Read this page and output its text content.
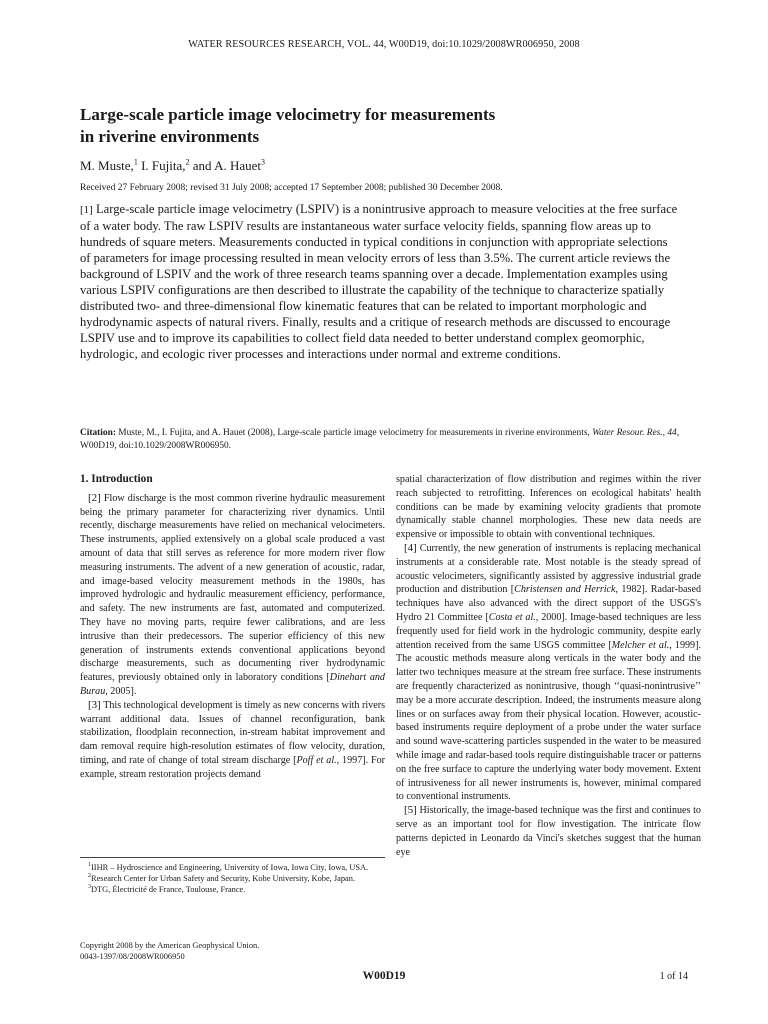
WATER RESOURCES RESEARCH, VOL. 44, W00D19, doi:10.1029/2008WR006950, 2008
Large-scale particle image velocimetry for measurements
in riverine environments
M. Muste,$^1$ I. Fujita,$^2$ and A. Hauet$^3$
Received 27 February 2008; revised 31 July 2008; accepted 17 September 2008; published 30 December 2008.
[1] Large-scale particle image velocimetry (LSPIV) is a nonintrusive approach to measure velocities at the free surface of a water body. The raw LSPIV results are instantaneous water surface velocity fields, spanning flow areas up to hundreds of square meters. Measurements conducted in typical conditions in conjunction with appropriate selections of parameters for image processing resulted in mean velocity errors of less than 3.5%. The current article reviews the background of LSPIV and the work of three research teams spanning over a decade. Implementation examples using various LSPIV configurations are then described to illustrate the capability of the technique to characterize spatially distributed two- and three-dimensional flow kinematic features that can be related to important morphologic and hydrodynamic aspects of natural rivers. Finally, results and a critique of research methods are discussed to encourage LSPIV use and to improve its capabilities to collect field data needed to better understand complex geomorphic, hydrologic, and ecologic river processes and interactions under normal and extreme conditions.
Citation: Muste, M., I. Fujita, and A. Hauet (2008), Large-scale particle image velocimetry for measurements in riverine environments, Water Resour. Res., 44, W00D19, doi:10.1029/2008WR006950.
1. Introduction

[2] Flow discharge is the most common riverine hydraulic measurement being the primary parameter for characterizing river dynamics. Until recently, discharge measurements have relied on mechanical velocimeters. These instruments, applied extensively on a global scale produced a vast amount of data that still serves as reference for more modern river flow measuring instruments. The advent of a new generation of acoustic, radar, and image-based velocity measurement methods in the 1980s, has improved hydrologic and hydraulic measurement efficiency, performance, and safety. The new instruments are fast, automated and computerized. They have no moving parts, require fewer calibrations, and are less intrusive than their predecessors. The superior efficiency of this new generation of instruments extends conventional applications beyond discharge measurements, such as documenting river hydrodynamic features, previously obtained only in laboratory conditions [Dinehart and Burau, 2005].

[3] This technological development is timely as new concerns with rivers warrant additional data. Issues of channel reconfiguration, bank stabilization, floodplain reconnection, in-stream habitat improvement and dam removal require high-resolution estimates of flow velocity, duration, timing, and rate of change of total stream discharge [Poff et al., 1997]. For example, stream restoration projects demand

$^1$IIHR – Hydroscience and Engineering, University of Iowa, Iowa City, Iowa, USA.
$^2$Research Center for Urban Safety and Security, Kobe University, Kobe, Japan.
$^3$DTG, Électricité de France, Toulouse, France.
Copyright 2008 by the American Geophysical Union.
0043-1397/08/2008WR006950

spatial characterization of flow distribution and regimes within the river reach subjected to retrofitting. Inferences on ecological habitats' health conditions can be made by examining velocity gradients that promote dynamically stable channel morphologies. These new data needs are expensive or impossible to obtain with conventional techniques.

[4] Currently, the new generation of instruments is replacing mechanical instruments at a considerable rate. Most notable is the steady spread of acoustic velocimeters, significantly assisted by aggressive industrial grade production and distribution [Christensen and Herrick, 1982]. Radar-based techniques have also advanced with the direct support of the USGS's Hydro 21 Committee [Costa et al., 2000]. Image-based techniques are less frequently used for field work in the hydrologic community, despite early attention received from the same USGS committee [Melcher et al., 1999]. The acoustic methods measure along verticals in the water body and the latter two techniques measure at the stream free surface. These instruments are frequently characterized as nonintrusive, though ‘‘quasi-nonintrusive’’ may be a more accurate description. Indeed, the instruments measure along lines or on surfaces away from their physical location. However, acoustic-based instruments require deployment of a probe under the water surface and sound wave-scattering particles suspended in the water to be measured while image and radar-based tools require distinguishable tracer or patterns on the free surface to capture the underlying water body movement. Extent of intrusiveness for all newer instruments is, however, minimal compared to conventional instruments.

[5] Historically, the image-based technique was the first and continues to serve as an important tool for flow investigation. The intricate flow patterns depicted in Leonardo da Vinci's sketches suggest that the human eye

W00D19	1 of 14
